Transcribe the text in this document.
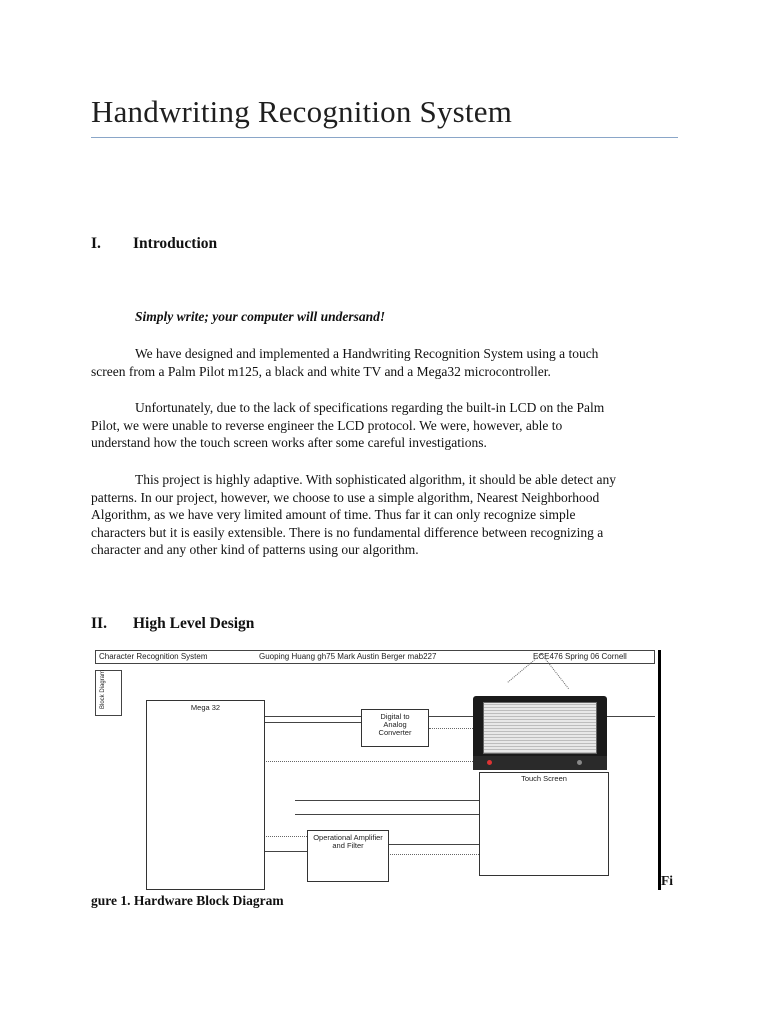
Handwriting Recognition System
I. Introduction
Simply write; your computer will undersand!

We have designed and implemented a Handwriting Recognition System using a touch

screen from a Palm Pilot m125, a black and white TV and a Mega32 microcontroller.

Unfortunately, due to the lack of specifications regarding the built-in LCD on the Palm

Pilot, we were unable to reverse engineer the LCD protocol. We were, however, able to
understand how the touch screen works after some careful investigations.

This project is highly adaptive. With sophisticated algorithm, it should be able detect any

patterns. In our project, however, we choose to use a simple algorithm, Nearest Neighborhood
Algorithm, as we have very limited amount of time. Thus far it can only recognize simple
characters but it is easily extensible. There is no fundamental difference between recognizing a
character and any other kind of patterns using our algorithm.
II. High Level Design
Character Recognition System	Guoping Huang gh75 Mark Austin Berger mab227	ECE476 Spring 06 Cornell
Block Diagram	Mega 32
Digital to
Analog
Converter
Touch Screen
Operational Amplifier
and Filter
Fi
gure 1. Hardware Block Diagram
